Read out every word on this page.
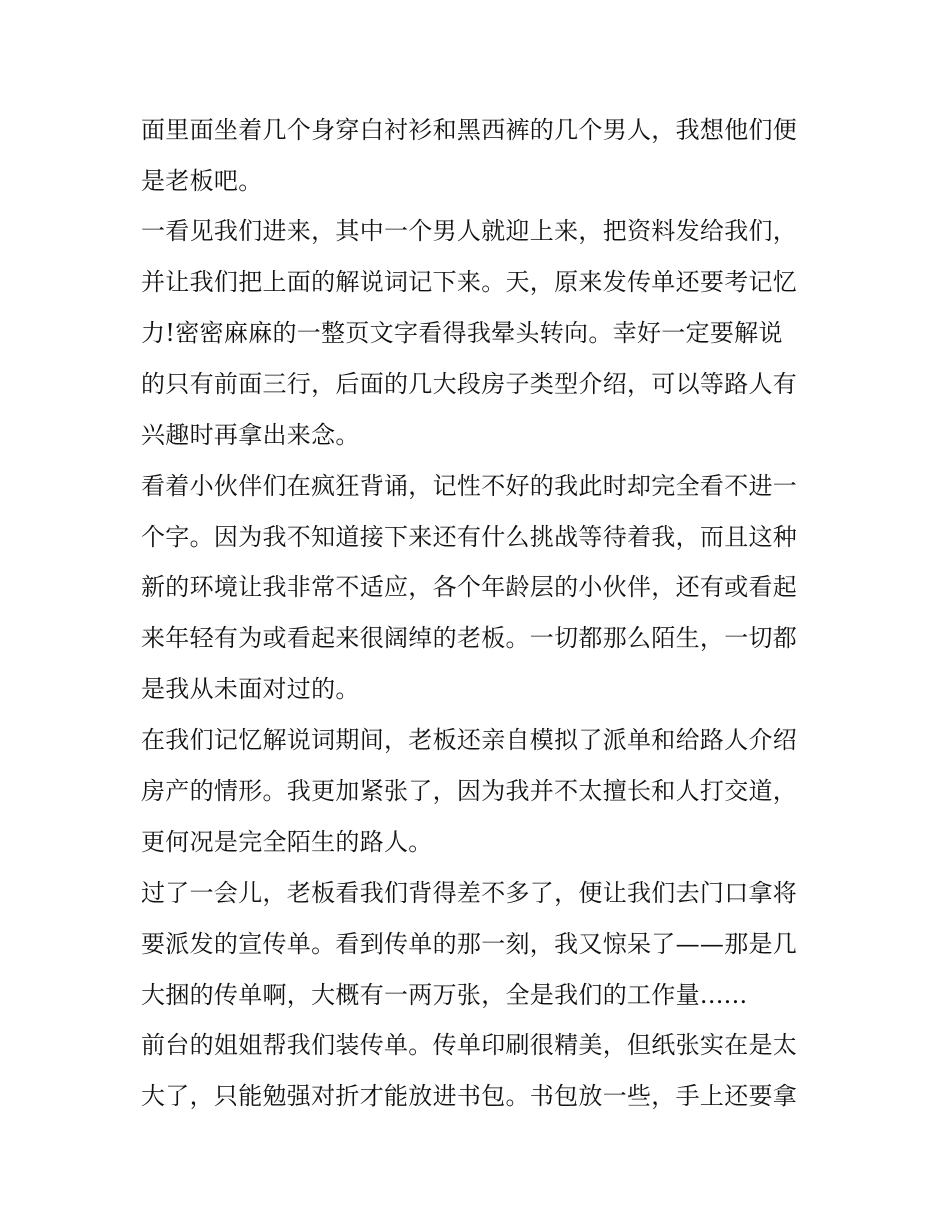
面里面坐着几个身穿白衬衫和黑西裤的几个男人，我想他们便
是老板吧。
一看见我们进来，其中一个男人就迎上来，把资料发给我们，
并让我们把上面的解说词记下来。天，原来发传单还要考记忆
力!密密麻麻的一整页文字看得我晕头转向。幸好一定要解说
的只有前面三行，后面的几大段房子类型介绍，可以等路人有
兴趣时再拿出来念。
看着小伙伴们在疯狂背诵，记性不好的我此时却完全看不进一
个字。因为我不知道接下来还有什么挑战等待着我，而且这种
新的环境让我非常不适应，各个年龄层的小伙伴，还有或看起
来年轻有为或看起来很阔绰的老板。一切都那么陌生，一切都
是我从未面对过的。
在我们记忆解说词期间，老板还亲自模拟了派单和给路人介绍
房产的情形。我更加紧张了，因为我并不太擅长和人打交道，
更何况是完全陌生的路人。
过了一会儿，老板看我们背得差不多了，便让我们去门口拿将
要派发的宣传单。看到传单的那一刻，我又惊呆了——那是几
大捆的传单啊，大概有一两万张，全是我们的工作量......
前台的姐姐帮我们装传单。传单印刷很精美，但纸张实在是太
大了，只能勉强对折才能放进书包。书包放一些，手上还要拿
